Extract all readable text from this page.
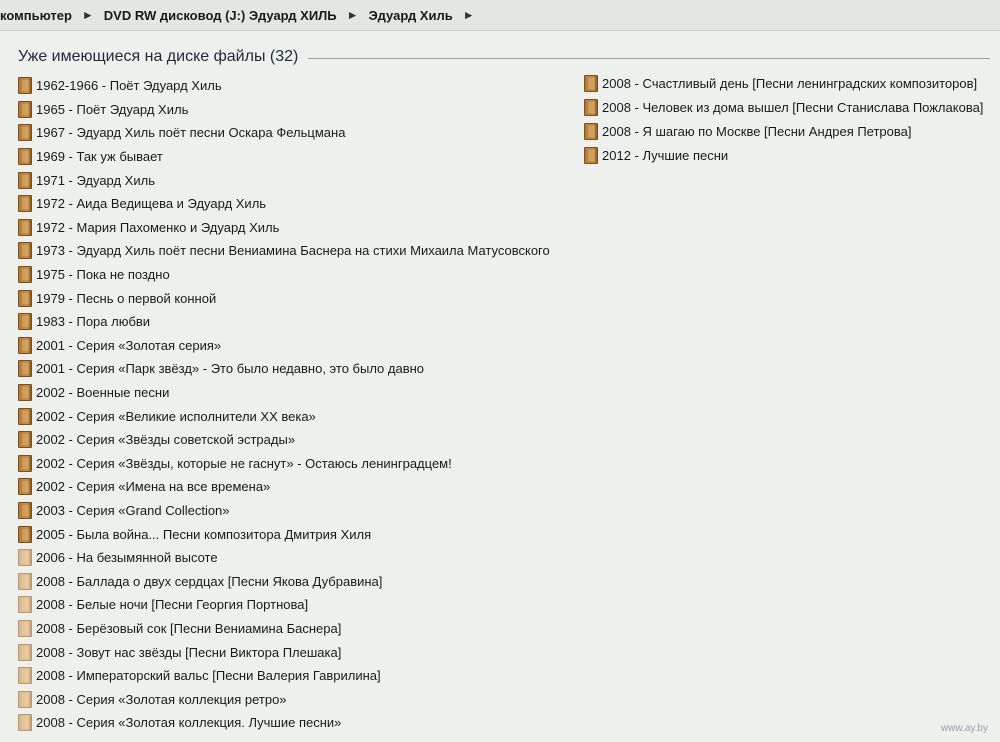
компьютер ► DVD RW дисковод (J:) Эдуард ХИЛЬ ► Эдуард Хиль ►
Уже имеющиеся на диске файлы (32)
1962-1966 - Поёт Эдуард Хиль
1965 - Поёт Эдуард Хиль
1967 - Эдуард Хиль поёт песни Оскара Фельцмана
1969 - Так уж бывает
1971 - Эдуард Хиль
1972 - Аида Ведищева и Эдуард Хиль
1972 - Мария Пахоменко и Эдуард Хиль
1973 - Эдуард Хиль поёт песни Вениамина Баснера на стихи Михаила Матусовского
1975 - Пока не поздно
1979 - Песнь о первой конной
1983 - Пора любви
2001 - Серия «Золотая серия»
2001 - Серия «Парк звёзд» - Это было недавно, это было давно
2002 - Военные песни
2002 - Серия «Великие исполнители XX века»
2002 - Серия «Звёзды советской эстрады»
2002 - Серия «Звёзды, которые не гаснут» - Остаюсь ленинградцем!
2002 - Серия «Имена на все времена»
2003 - Серия «Grand Collection»
2005 - Была война... Песни композитора Дмитрия Хиля
2006 - На безымянной высоте
2008 - Баллада о двух сердцах [Песни Якова Дубравина]
2008 - Белые ночи [Песни Георгия Портнова]
2008 - Берёзовый сок [Песни Вениамина Баснера]
2008 - Зовут нас звёзды [Песни Виктора Плешака]
2008 - Императорский вальс [Песни Валерия Гаврилина]
2008 - Серия «Золотая коллекция ретро»
2008 - Серия «Золотая коллекция. Лучшие песни»
2008 - Счастливый день [Песни ленинградских композиторов]
2008 - Человек из дома вышел [Песни Станислава Пожлакова]
2008 - Я шагаю по Москве [Песни Андрея Петрова]
2012 - Лучшие песни
www.ay.by
